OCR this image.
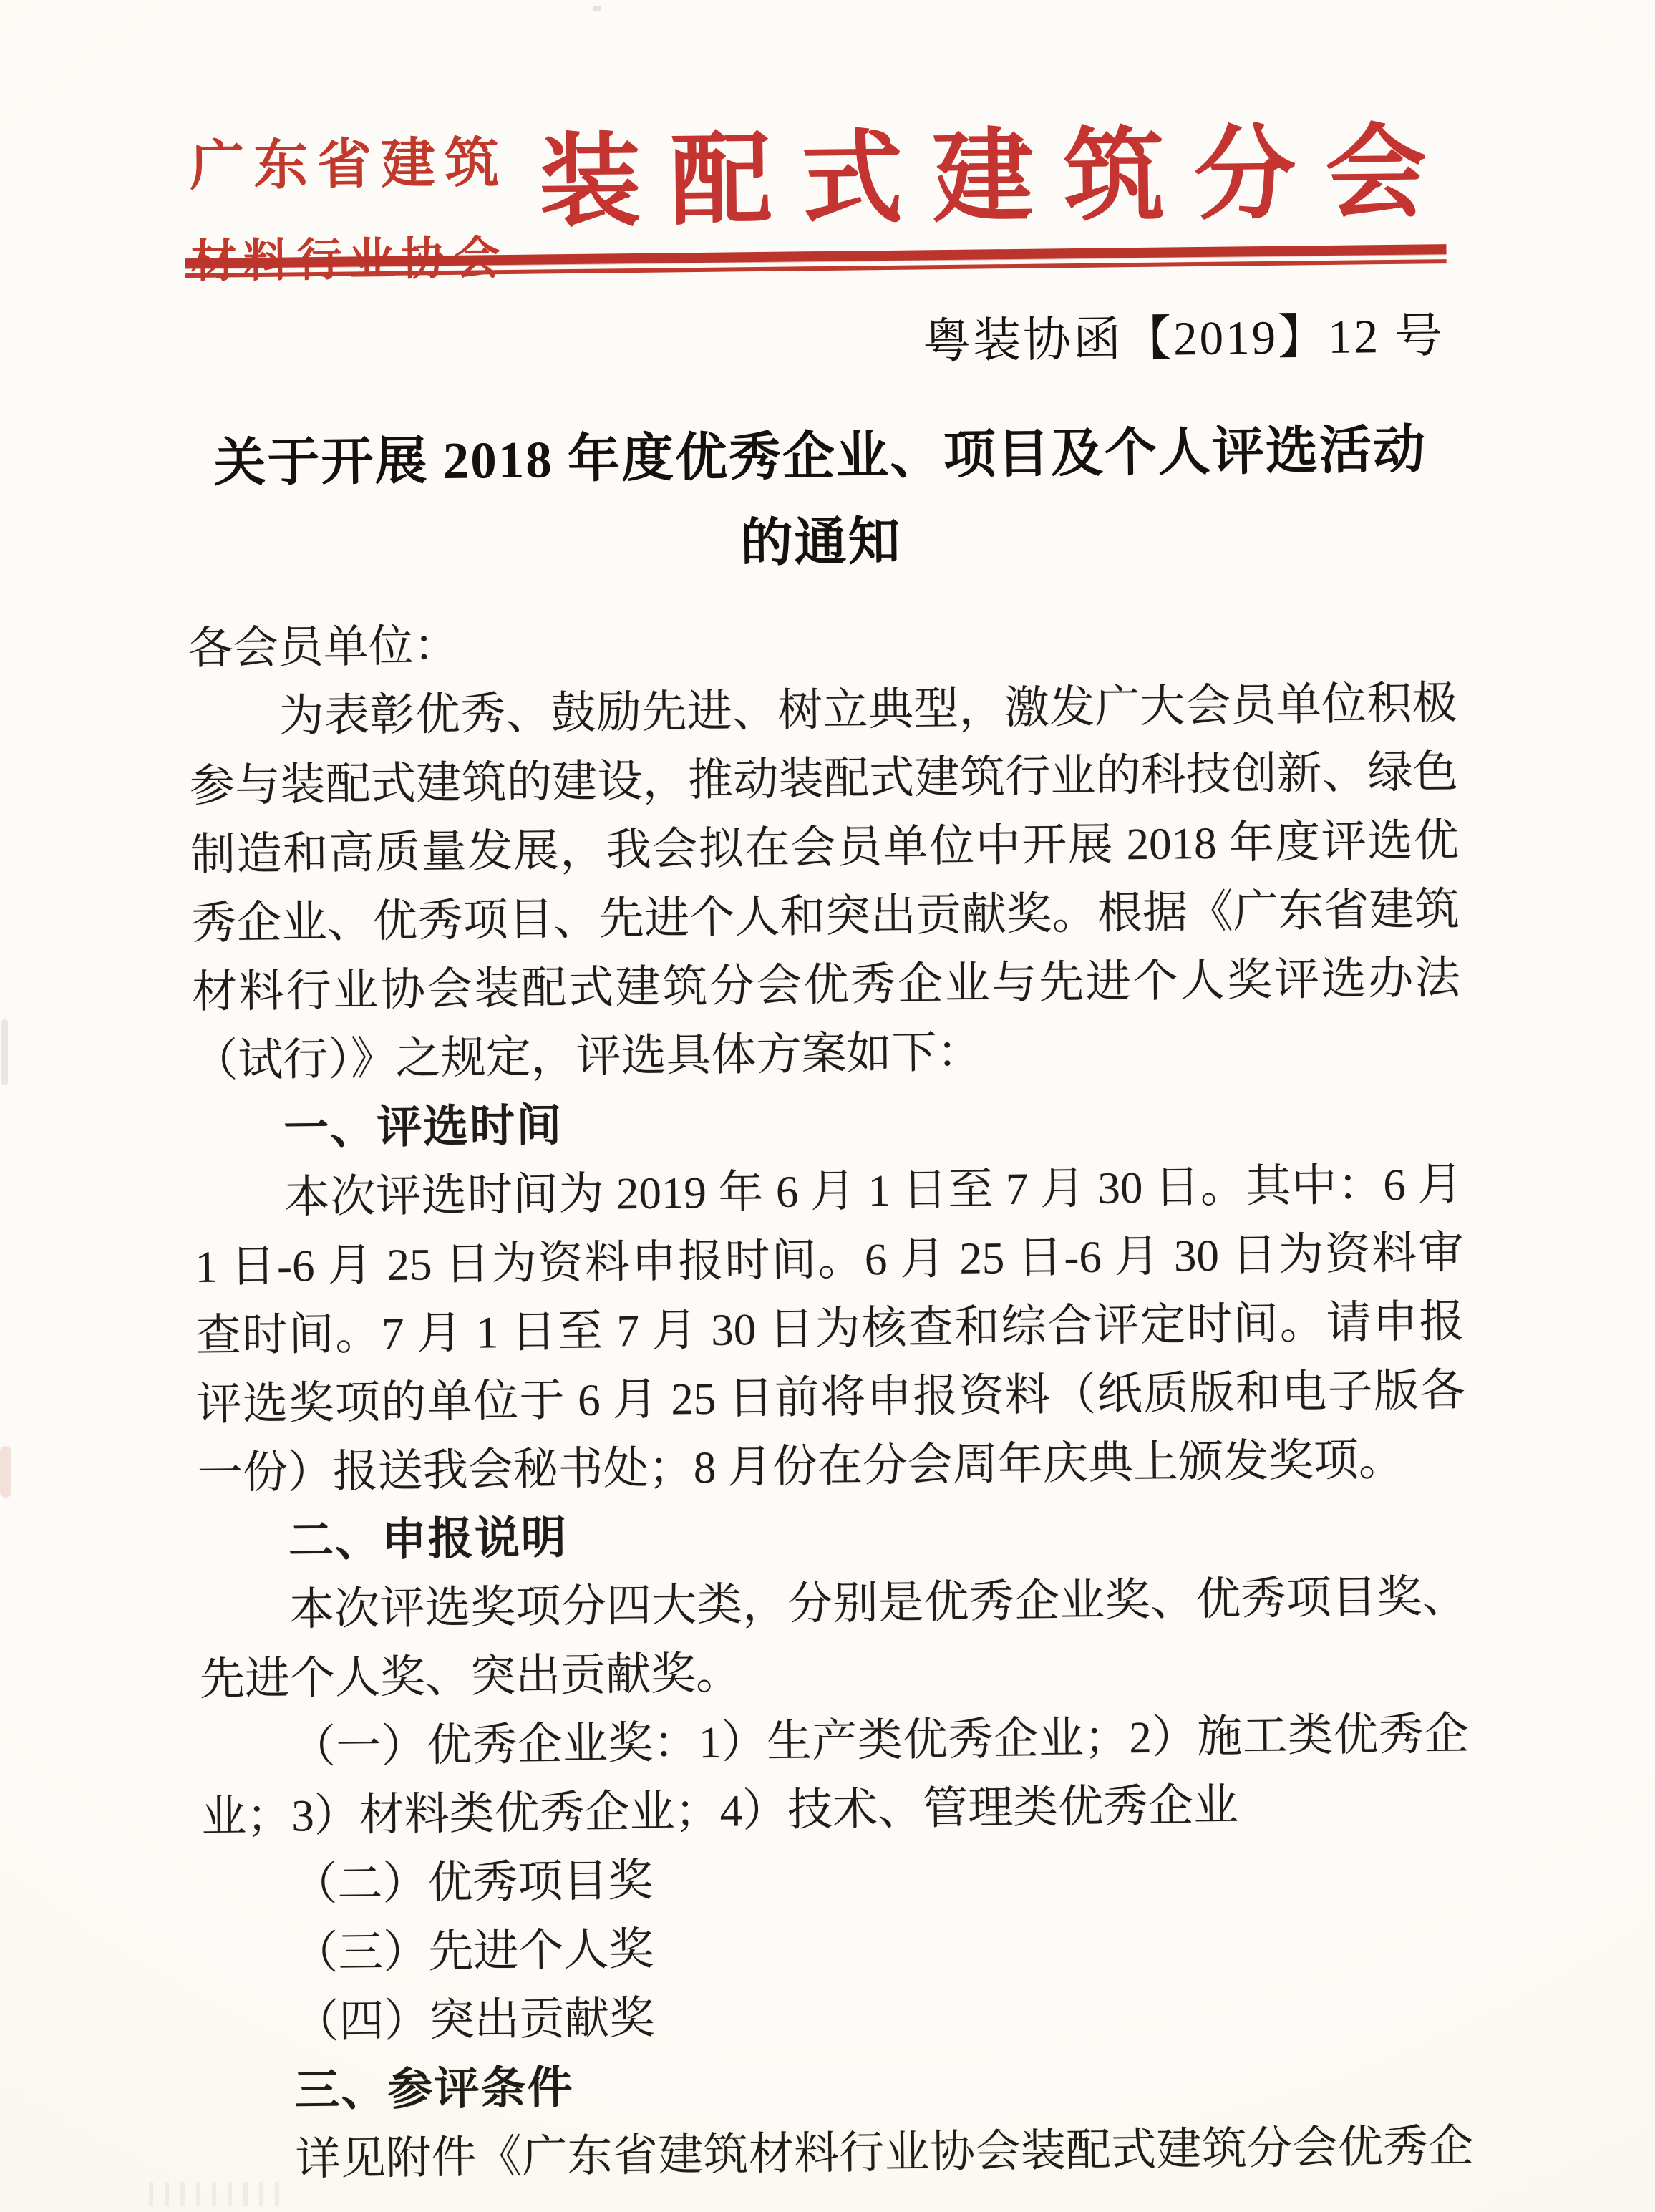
广东省建筑 装配式建筑分会
粤装协函【2019】12 号
关于开展 2018 年度优秀企业、项目及个人评选活动
的通知
各会员单位：
为表彰优秀、鼓励先进、树立典型，激发广大会员单位积极
参与装配式建筑的建设，推动装配式建筑行业的科技创新、绿色
制造和高质量发展，我会拟在会员单位中开展 2018 年度评选优
秀企业、优秀项目、先进个人和突出贡献奖。根据《广东省建筑
材料行业协会装配式建筑分会优秀企业与先进个人奖评选办法
（试行）》之规定，评选具体方案如下：
一、评选时间
本次评选时间为 2019 年 6 月 1 日至 7 月 30 日。其中：6 月
1 日-6 月 25 日为资料申报时间。6 月 25 日-6 月 30 日为资料审
查时间。7 月 1 日至 7 月 30 日为核查和综合评定时间。请申报
评选奖项的单位于 6 月 25 日前将申报资料（纸质版和电子版各
一份）报送我会秘书处；8 月份在分会周年庆典上颁发奖项。
二、申报说明
本次评选奖项分四大类，分别是优秀企业奖、优秀项目奖、
先进个人奖、突出贡献奖。
（一）优秀企业奖：1）生产类优秀企业；2）施工类优秀企
业；3）材料类优秀企业；4）技术、管理类优秀企业
（二）优秀项目奖
（三）先进个人奖
（四）突出贡献奖
三、参评条件
详见附件《广东省建筑材料行业协会装配式建筑分会优秀企
